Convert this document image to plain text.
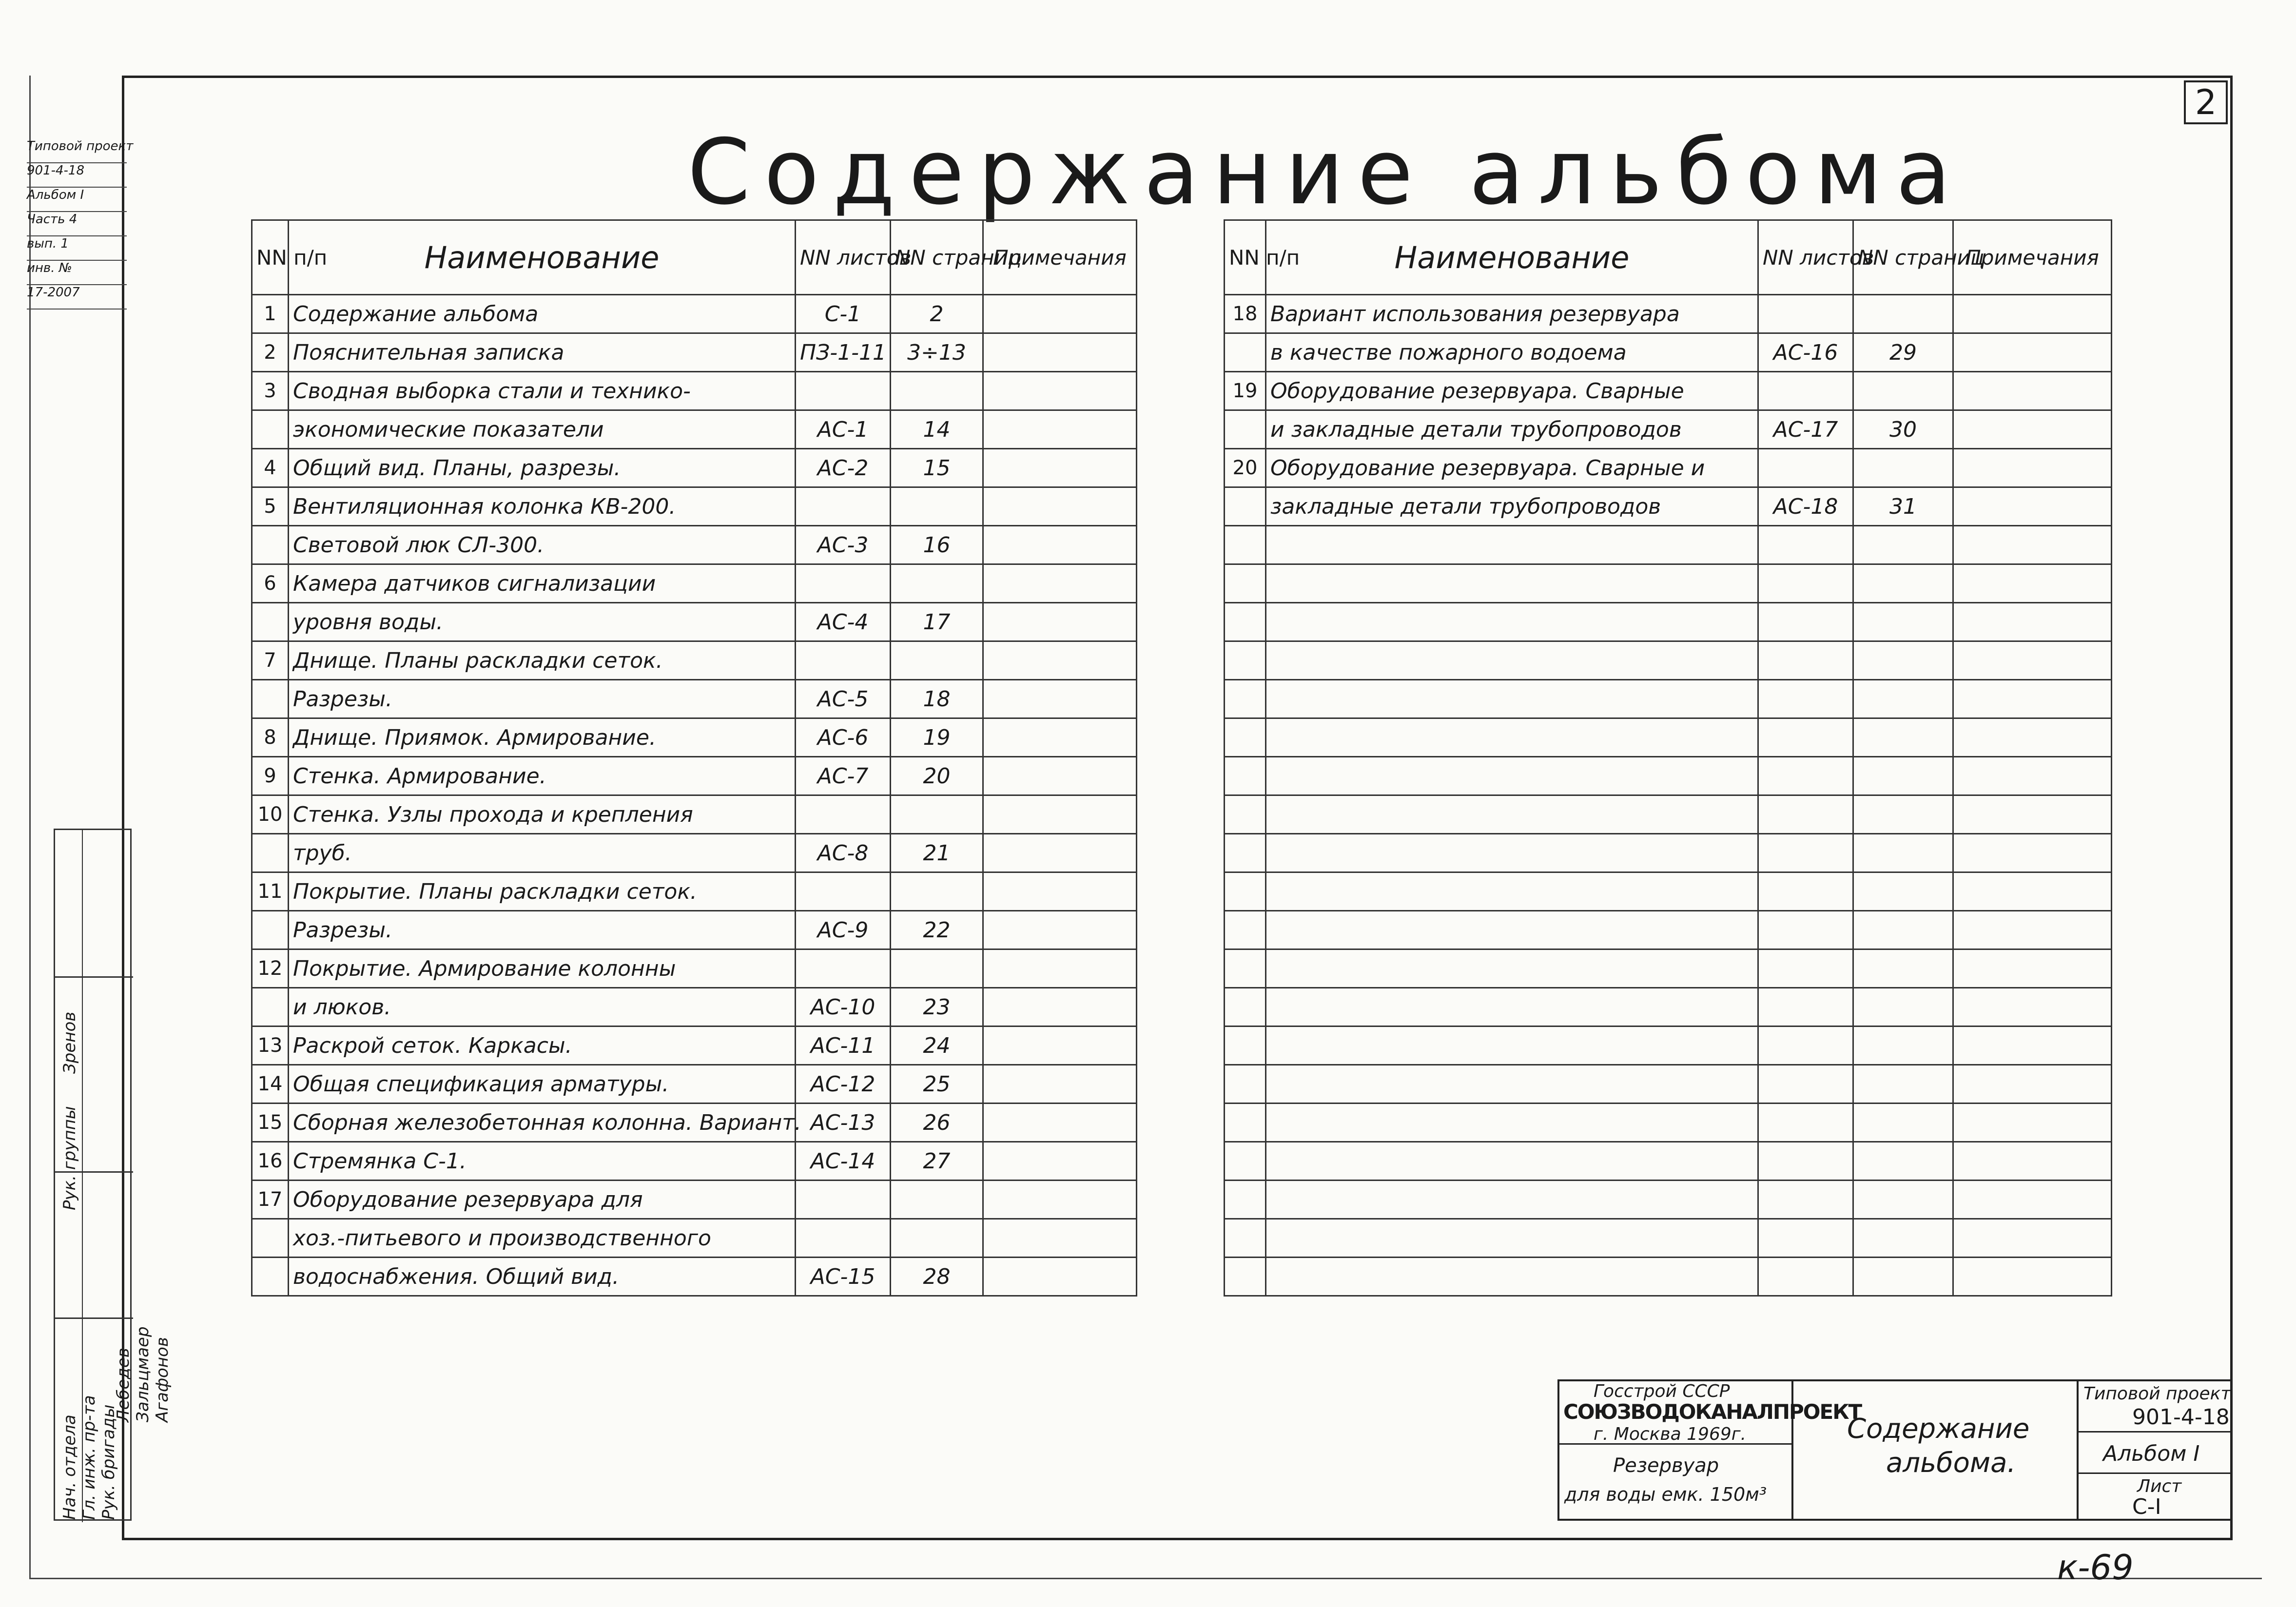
2
Содержание альбома
Типовой проект
901-4-18
Альбом I
Часть 4
вып. 1
инв. №
17-2007
NN п/п	Наименование	NN листов	NN страниц	Примечания
1	Содержание альбома	С-1	2	
2	Пояснительная записка	ПЗ-1-11	3÷13	
3	Сводная выборка стали и технико-			
	экономические показатели	АС-1	14	
4	Общий вид. Планы, разрезы.	АС-2	15	
5	Вентиляционная колонка КВ-200.			
	Световой люк СЛ-300.	АС-3	16	
6	Камера датчиков сигнализации			
	уровня воды.	АС-4	17	
7	Днище. Планы раскладки сеток.			
	Разрезы.	АС-5	18	
8	Днище. Приямок. Армирование.	АС-6	19	
9	Стенка. Армирование.	АС-7	20	
10	Стенка. Узлы прохода и крепления			
	труб.	АС-8	21	
11	Покрытие. Планы раскладки сеток.			
	Разрезы.	АС-9	22	
12	Покрытие. Армирование колонны			
	и люков.	АС-10	23	
13	Раскрой сеток. Каркасы.	АС-11	24	
14	Общая спецификация арматуры.	АС-12	25	
15	Сборная железобетонная колонна. Вариант.	АС-13	26	
16	Стремянка С-1.	АС-14	27	
17	Оборудование резервуара для			
	хоз.-питьевого и производственного			
	водоснабжения. Общий вид.	АС-15	28	
NN п/п	Наименование	NN листов	NN страниц	Примечания
18	Вариант использования резервуара			
	в качестве пожарного водоема	АС-16	29	
19	Оборудование резервуара. Сварные			
	и закладные детали трубопроводов	АС-17	30	
20	Оборудование резервуара. Сварные и			
	закладные детали трубопроводов	АС-18	31	

Нач. отдела Гл. инж. пр-та Рук. бригады
Лебедев Зальцмаер Агафонов
Рук. группы
Зренов
Госстрой СССР
СОЮЗВОДОКАНАЛПРОЕКТ
г. Москва 1969г.
Резервуар
для воды емк. 150м³
Содержание
альбома.
Типовой проект
901-4-18
Альбом I
Лист
С-I
к-69
